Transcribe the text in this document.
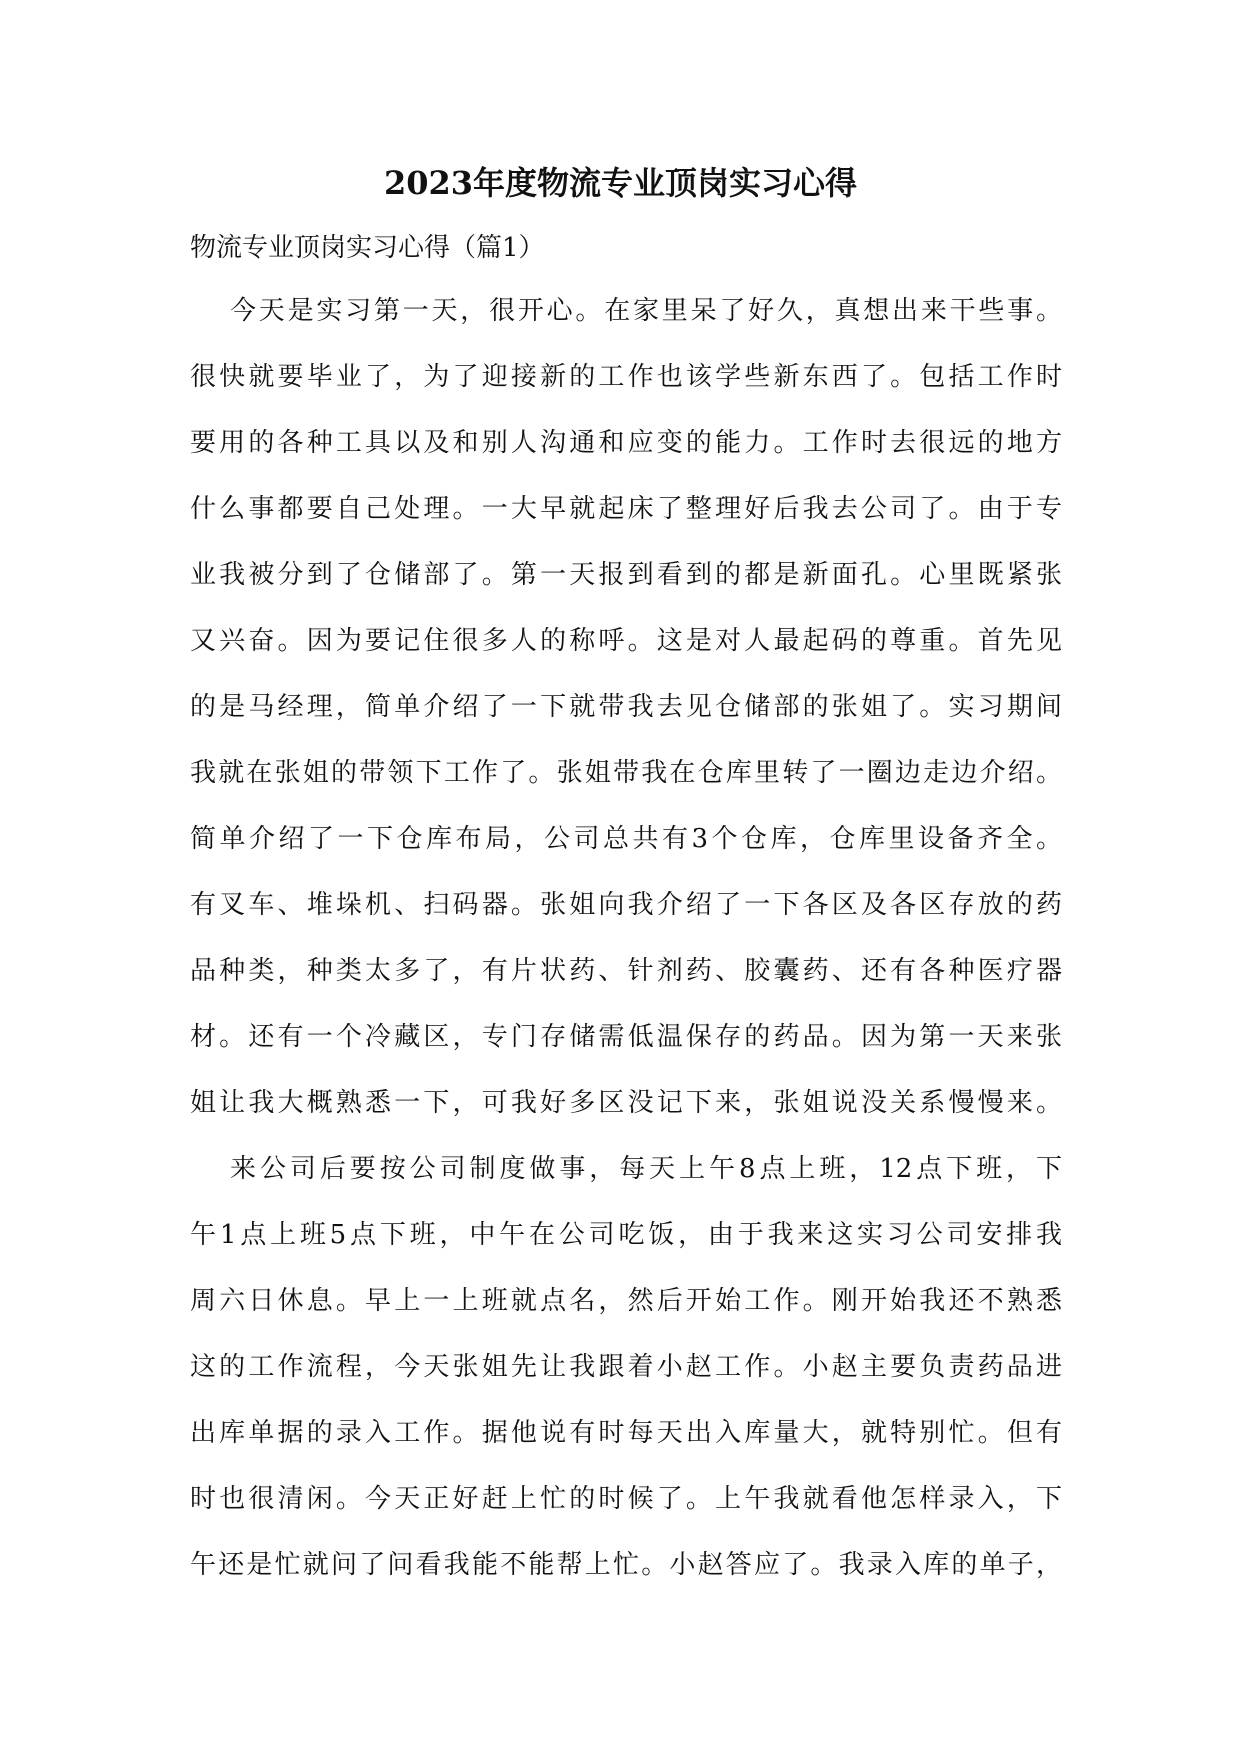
2023年度物流专业顶岗实习心得

物流专业顶岗实习心得（篇1）

今天是实习第一天，很开心。在家里呆了好久，真想出来干些事。
很快就要毕业了，为了迎接新的工作也该学些新东西了。包括工作时
要用的各种工具以及和别人沟通和应变的能力。工作时去很远的地方
什么事都要自己处理。一大早就起床了整理好后我去公司了。由于专
业我被分到了仓储部了。第一天报到看到的都是新面孔。心里既紧张
又兴奋。因为要记住很多人的称呼。这是对人最起码的尊重。首先见
的是马经理，简单介绍了一下就带我去见仓储部的张姐了。实习期间
我就在张姐的带领下工作了。张姐带我在仓库里转了一圈边走边介绍。
简单介绍了一下仓库布局，公司总共有3个仓库，仓库里设备齐全。
有叉车、堆垛机、扫码器。张姐向我介绍了一下各区及各区存放的药
品种类，种类太多了，有片状药、针剂药、胶囊药、还有各种医疗器
材。还有一个冷藏区，专门存储需低温保存的药品。因为第一天来张
姐让我大概熟悉一下，可我好多区没记下来，张姐说没关系慢慢来。
来公司后要按公司制度做事，每天上午8点上班，12点下班，下
午1点上班5点下班，中午在公司吃饭，由于我来这实习公司安排我
周六日休息。早上一上班就点名，然后开始工作。刚开始我还不熟悉
这的工作流程，今天张姐先让我跟着小赵工作。小赵主要负责药品进
出库单据的录入工作。据他说有时每天出入库量大，就特别忙。但有
时也很清闲。今天正好赶上忙的时候了。上午我就看他怎样录入，下
午还是忙就问了问看我能不能帮上忙。小赵答应了。我录入库的单子，
